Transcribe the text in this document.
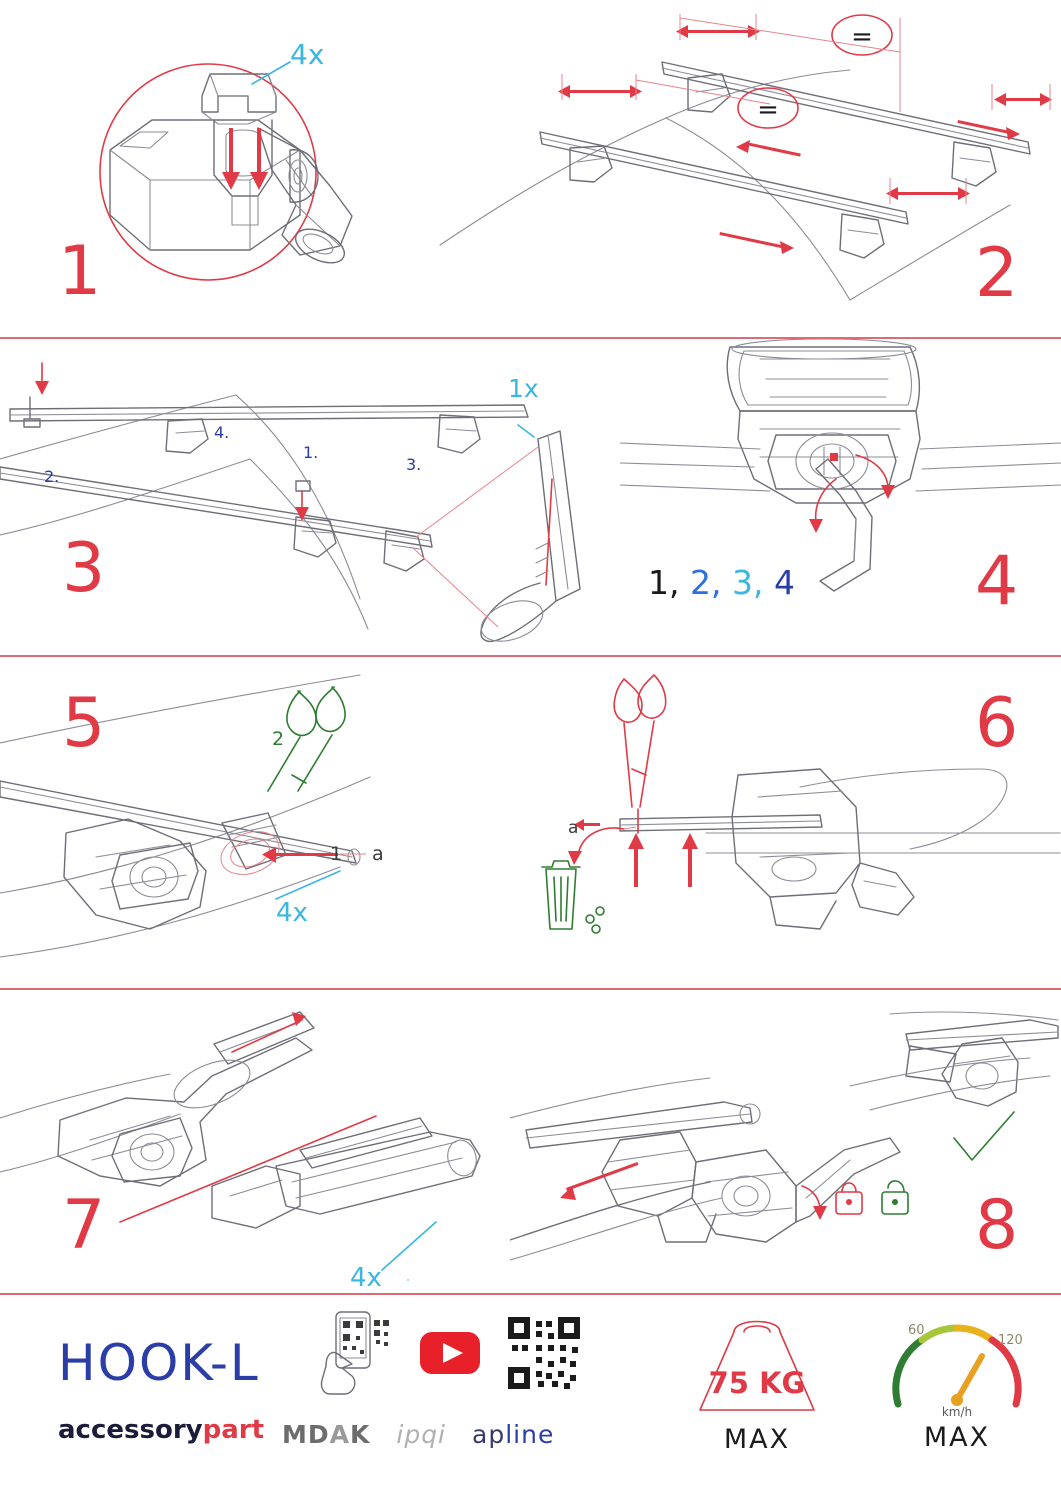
1
4x
=
=
2
3
1x
1.
2.
3.
4.
4
1, 2, 3, 4
5	2
1 a
4x
6
a
7
4x
8
HOOK-L
accessorypart MDAK ipqi apline
75 KG
MAX
60
120
km/h
MAX
